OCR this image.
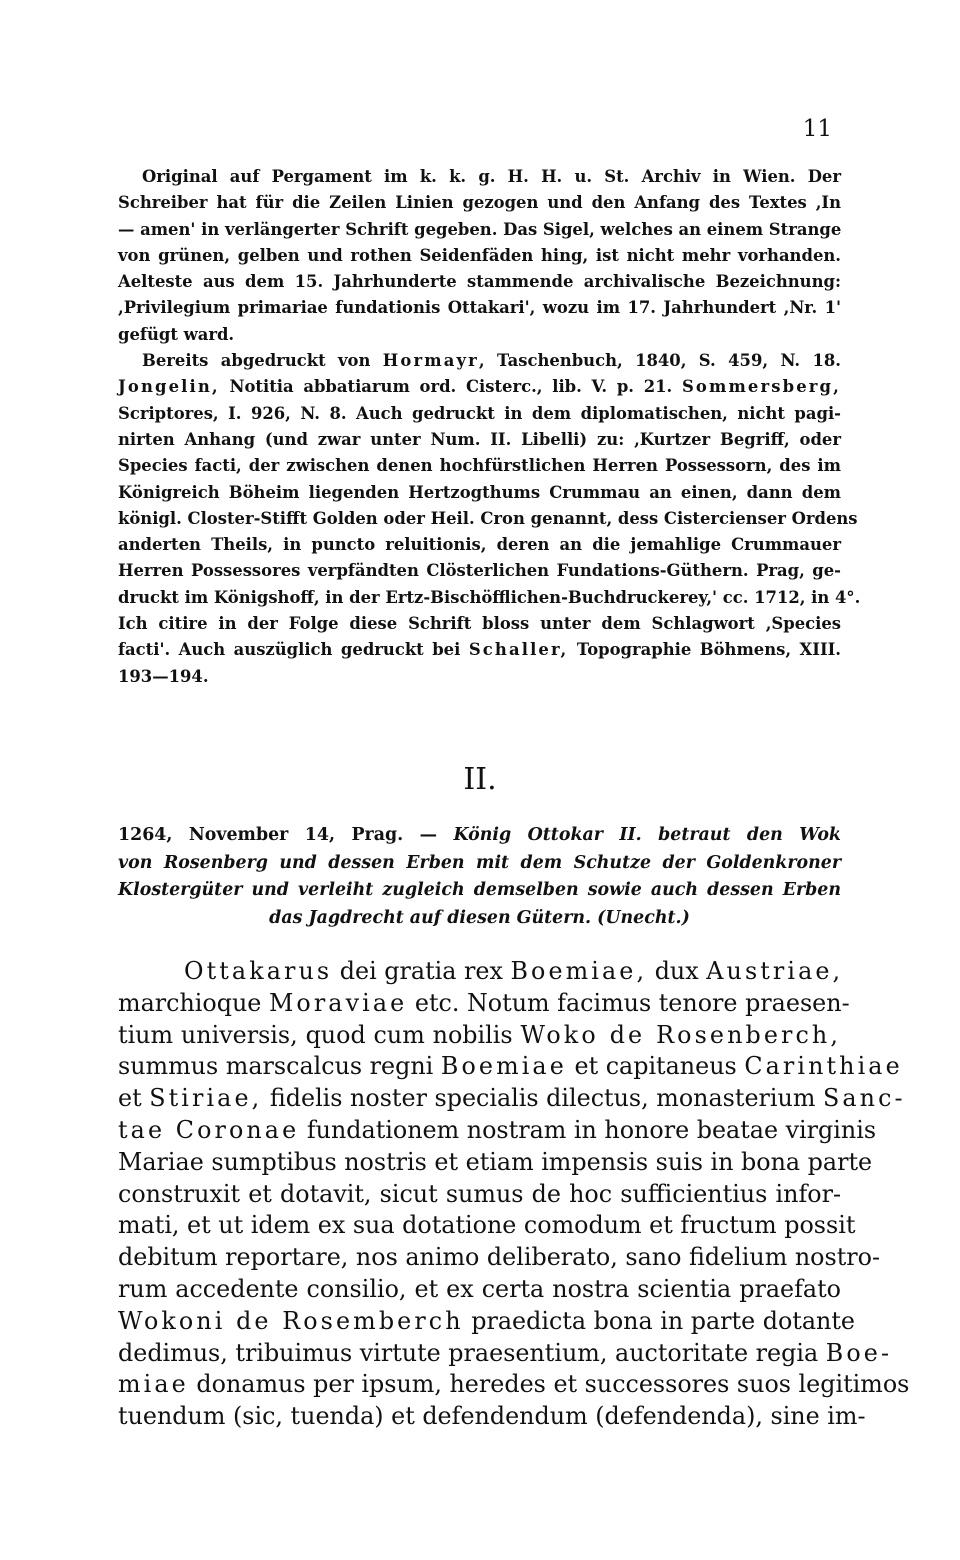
11
Original auf Pergament im k. k. g. H. H. u. St. Archiv in Wien. Der
Schreiber hat für die Zeilen Linien gezogen und den Anfang des Textes ,In
— amen' in verlängerter Schrift gegeben. Das Sigel, welches an einem Strange
von grünen, gelben und rothen Seidenfäden hing, ist nicht mehr vorhanden.
Aelteste aus dem 15. Jahrhunderte stammende archivalische Bezeichnung:
,Privilegium primariae fundationis Ottakari', wozu im 17. Jahrhundert ,Nr. 1'
gefügt ward.
Bereits abgedruckt von Hormayr, Taschenbuch, 1840, S. 459, N. 18.
Jongelin, Notitia abbatiarum ord. Cisterc., lib. V. p. 21. Sommersberg,
Scriptores, I. 926, N. 8. Auch gedruckt in dem diplomatischen, nicht pagi-
nirten Anhang (und zwar unter Num. II. Libelli) zu: ,Kurtzer Begriff, oder
Species facti, der zwischen denen hochfürstlichen Herren Possessorn, des im
Königreich Böheim liegenden Hertzogthums Crummau an einen, dann dem
königl. Closter-Stifft Golden oder Heil. Cron genannt, dess Cistercienser Ordens
anderten Theils, in puncto reluitionis, deren an die jemahlige Crummauer
Herren Possessores verpfändten Clösterlichen Fundations-Güthern. Prag, ge-
druckt im Königshoff, in der Ertz-Bischöfflichen-Buchdruckerey,' cc. 1712, in 4°.
Ich citire in der Folge diese Schrift bloss unter dem Schlagwort ,Species
facti'. Auch auszüglich gedruckt bei Schaller, Topographie Böhmens, XIII.
193—194.
II.
1264, November 14, Prag. — König Ottokar II. betraut den Wok
von Rosenberg und dessen Erben mit dem Schutze der Goldenkroner
Klostergüter und verleiht zugleich demselben sowie auch dessen Erben
das Jagdrecht auf diesen Gütern. (Unecht.)
Ottakarus dei gratia rex Boemiae, dux Austriae,
marchioque Moraviae etc. Notum facimus tenore praesen-
tium universis, quod cum nobilis Woko de Rosenberch,
summus marscalcus regni Boemiae et capitaneus Carinthiae
et Stiriae, fidelis noster specialis dilectus, monasterium Sanc-
tae Coronae fundationem nostram in honore beatae virginis
Mariae sumptibus nostris et etiam impensis suis in bona parte
construxit et dotavit, sicut sumus de hoc sufficientius infor-
mati, et ut idem ex sua dotatione comodum et fructum possit
debitum reportare, nos animo deliberato, sano fidelium nostro-
rum accedente consilio, et ex certa nostra scientia praefato
Wokoni de Rosemberch praedicta bona in parte dotante
dedimus, tribuimus virtute praesentium, auctoritate regia Boe-
miae donamus per ipsum, heredes et successores suos legitimos
tuendum (sic, tuenda) et defendendum (defendenda), sine im-
